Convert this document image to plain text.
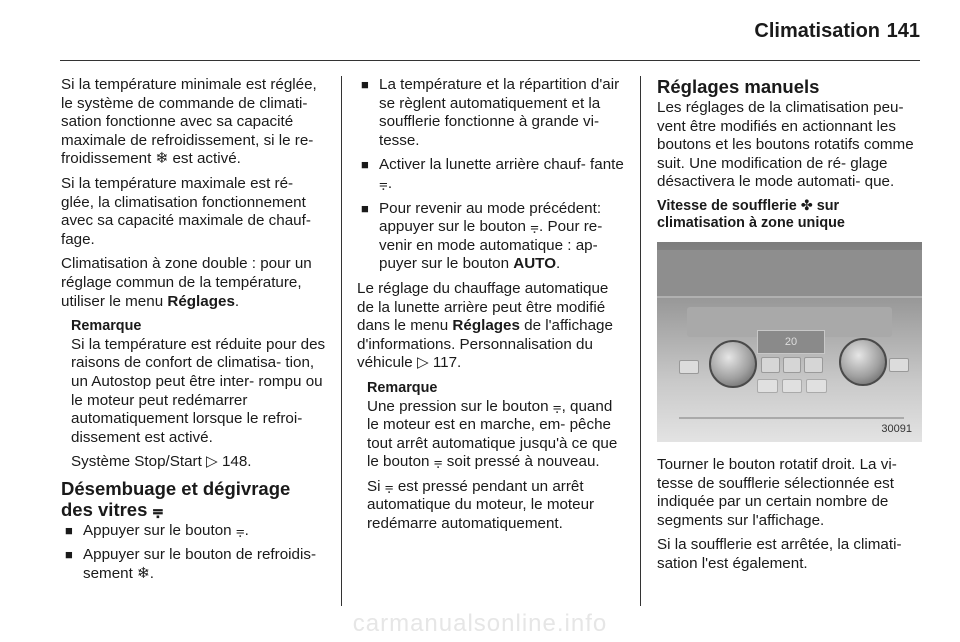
Climatisation 141

Si la température minimale est réglée, le système de commande de climati- sation fonctionne avec sa capacité maximale de refroidissement, si le re- froidissement ❄ est activé.

Si la température maximale est ré- glée, la climatisation fonctionnement avec sa capacité maximale de chauf- fage.

Climatisation à zone double : pour un réglage commun de la température, utiliser le menu Réglages.

Remarque

Si la température est réduite pour des raisons de confort de climatisa- tion, un Autostop peut être inter- rompu ou le moteur peut redémarrer automatiquement lorsque le refroi- dissement est activé.

Système Stop/Start ▷ 148.

Désembuage et dégivrage des vitres ⩦
■ Appuyer sur le bouton ⩦.
■ Appuyer sur le bouton de refroidis- sement ❄.
■ La température et la répartition d'air se règlent automatiquement et la soufflerie fonctionne à grande vi- tesse.
■ Activer la lunette arrière chauf- fante ⩦.
■ Pour revenir au mode précédent: appuyer sur le bouton ⩦. Pour re- venir en mode automatique : ap- puyer sur le bouton AUTO.

Le réglage du chauffage automatique de la lunette arrière peut être modifié dans le menu Réglages de l'affichage d'informations. Personnalisation du véhicule ▷ 117.

Remarque

Une pression sur le bouton ⩦, quand le moteur est en marche, em- pêche tout arrêt automatique jusqu'à ce que le bouton ⩦ soit pressé à nouveau.

Si ⩦ est pressé pendant un arrêt automatique du moteur, le moteur redémarre automatiquement.

Réglages manuels

Les réglages de la climatisation peu- vent être modifiés en actionnant les boutons et les boutons rotatifs comme suit. Une modification de ré- glage désactivera le mode automati- que.

Vitesse de soufflerie ✤ sur climatisation à zone unique
20
30091

Tourner le bouton rotatif droit. La vi- tesse de soufflerie sélectionnée est indiquée par un certain nombre de segments sur l'affichage.

Si la soufflerie est arrêtée, la climati- sation l'est également.

carmanualsonline.info
